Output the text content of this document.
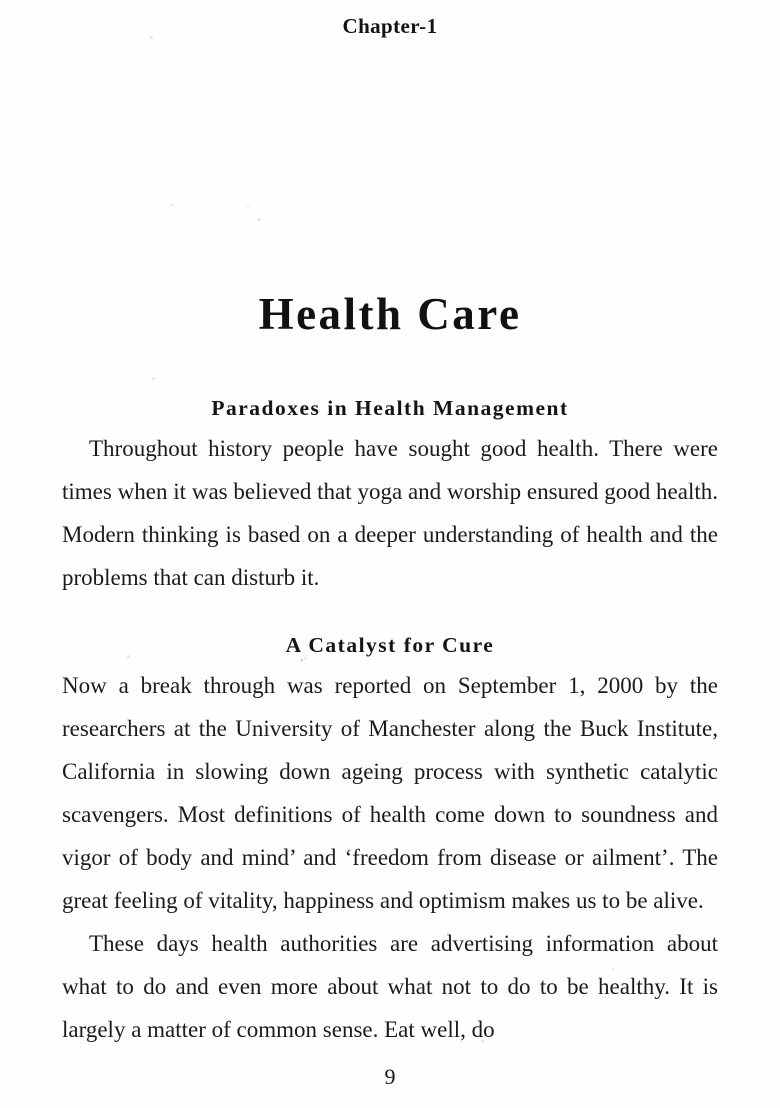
Chapter-1
Health Care
Paradoxes in Health Management

Throughout history people have sought good health. There were times when it was believed that yoga and worship ensured good health. Modern thinking is based on a deeper understanding of health and the problems that can disturb it.

A Catalyst for Cure

Now a break through was reported on September 1, 2000 by the researchers at the University of Manchester along the Buck Institute, California in slowing down ageing process with synthetic catalytic scavengers. Most definitions of health come down to soundness and vigor of body and mind’ and ‘freedom from disease or ailment’. The great feeling of vitality, happiness and optimism makes us to be alive.

These days health authorities are advertising information about what to do and even more about what not to do to be healthy. It is largely a matter of common sense. Eat well, do

9
•’
